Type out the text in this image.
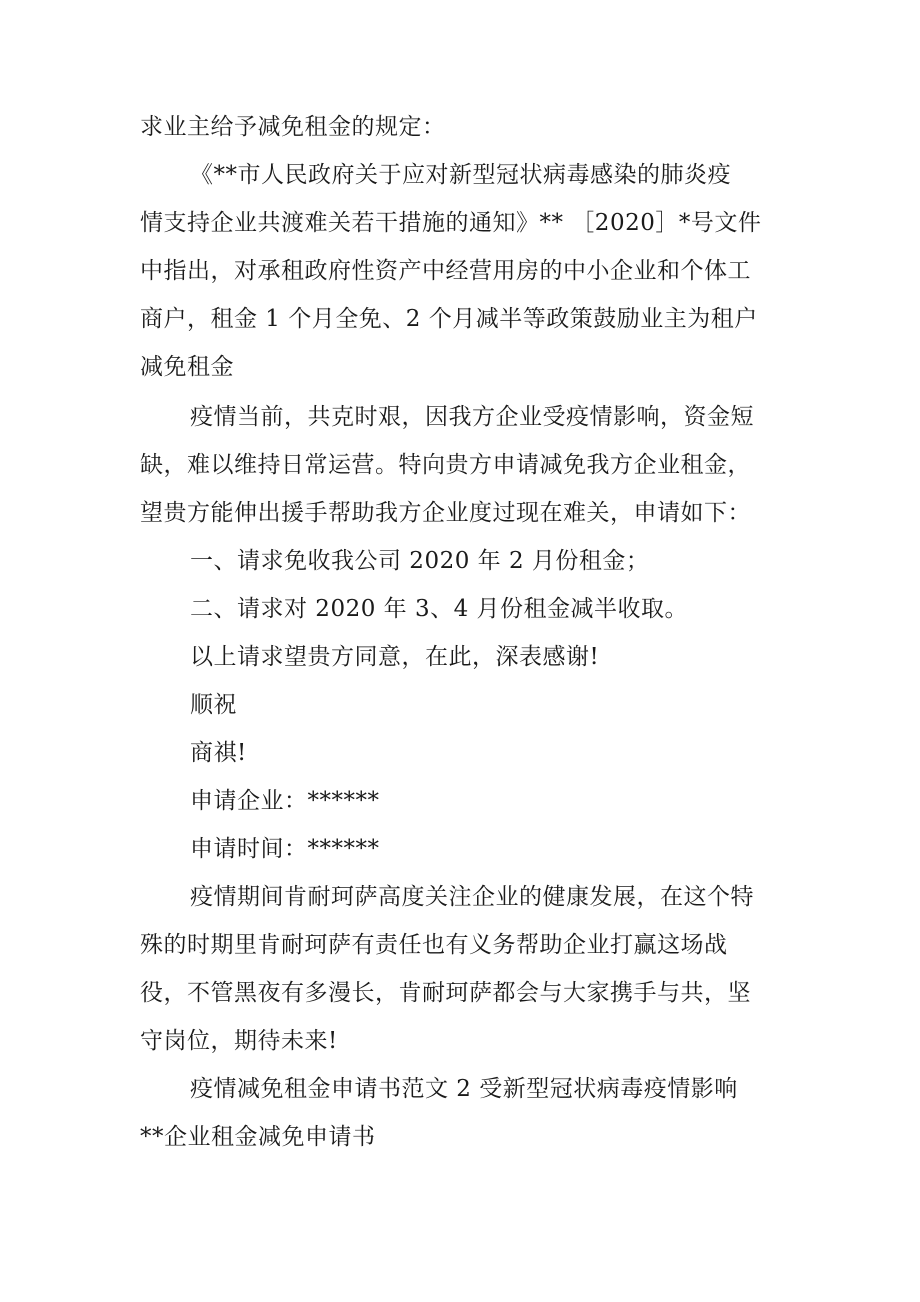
求业主给予减免租金的规定：
《**市人民政府关于应对新型冠状病毒感染的肺炎疫
情支持企业共渡难关若干措施的通知》** ［2020］*号文件
中指出，对承租政府性资产中经营用房的中小企业和个体工
商户，租金 1 个月全免、2 个月减半等政策鼓励业主为租户
减免租金
疫情当前，共克时艰，因我方企业受疫情影响，资金短
缺，难以维持日常运营。特向贵方申请减免我方企业租金，
望贵方能伸出援手帮助我方企业度过现在难关，申请如下：
一、请求免收我公司 2020 年 2 月份租金；
二、请求对 2020 年 3、4 月份租金减半收取。
以上请求望贵方同意，在此，深表感谢!
顺祝
商祺!
申请企业：******
申请时间：******
疫情期间肯耐珂萨高度关注企业的健康发展，在这个特
殊的时期里肯耐珂萨有责任也有义务帮助企业打赢这场战
役，不管黑夜有多漫长，肯耐珂萨都会与大家携手与共，坚
守岗位，期待未来!
疫情减免租金申请书范文 2 受新型冠状病毒疫情影响
**企业租金减免申请书
